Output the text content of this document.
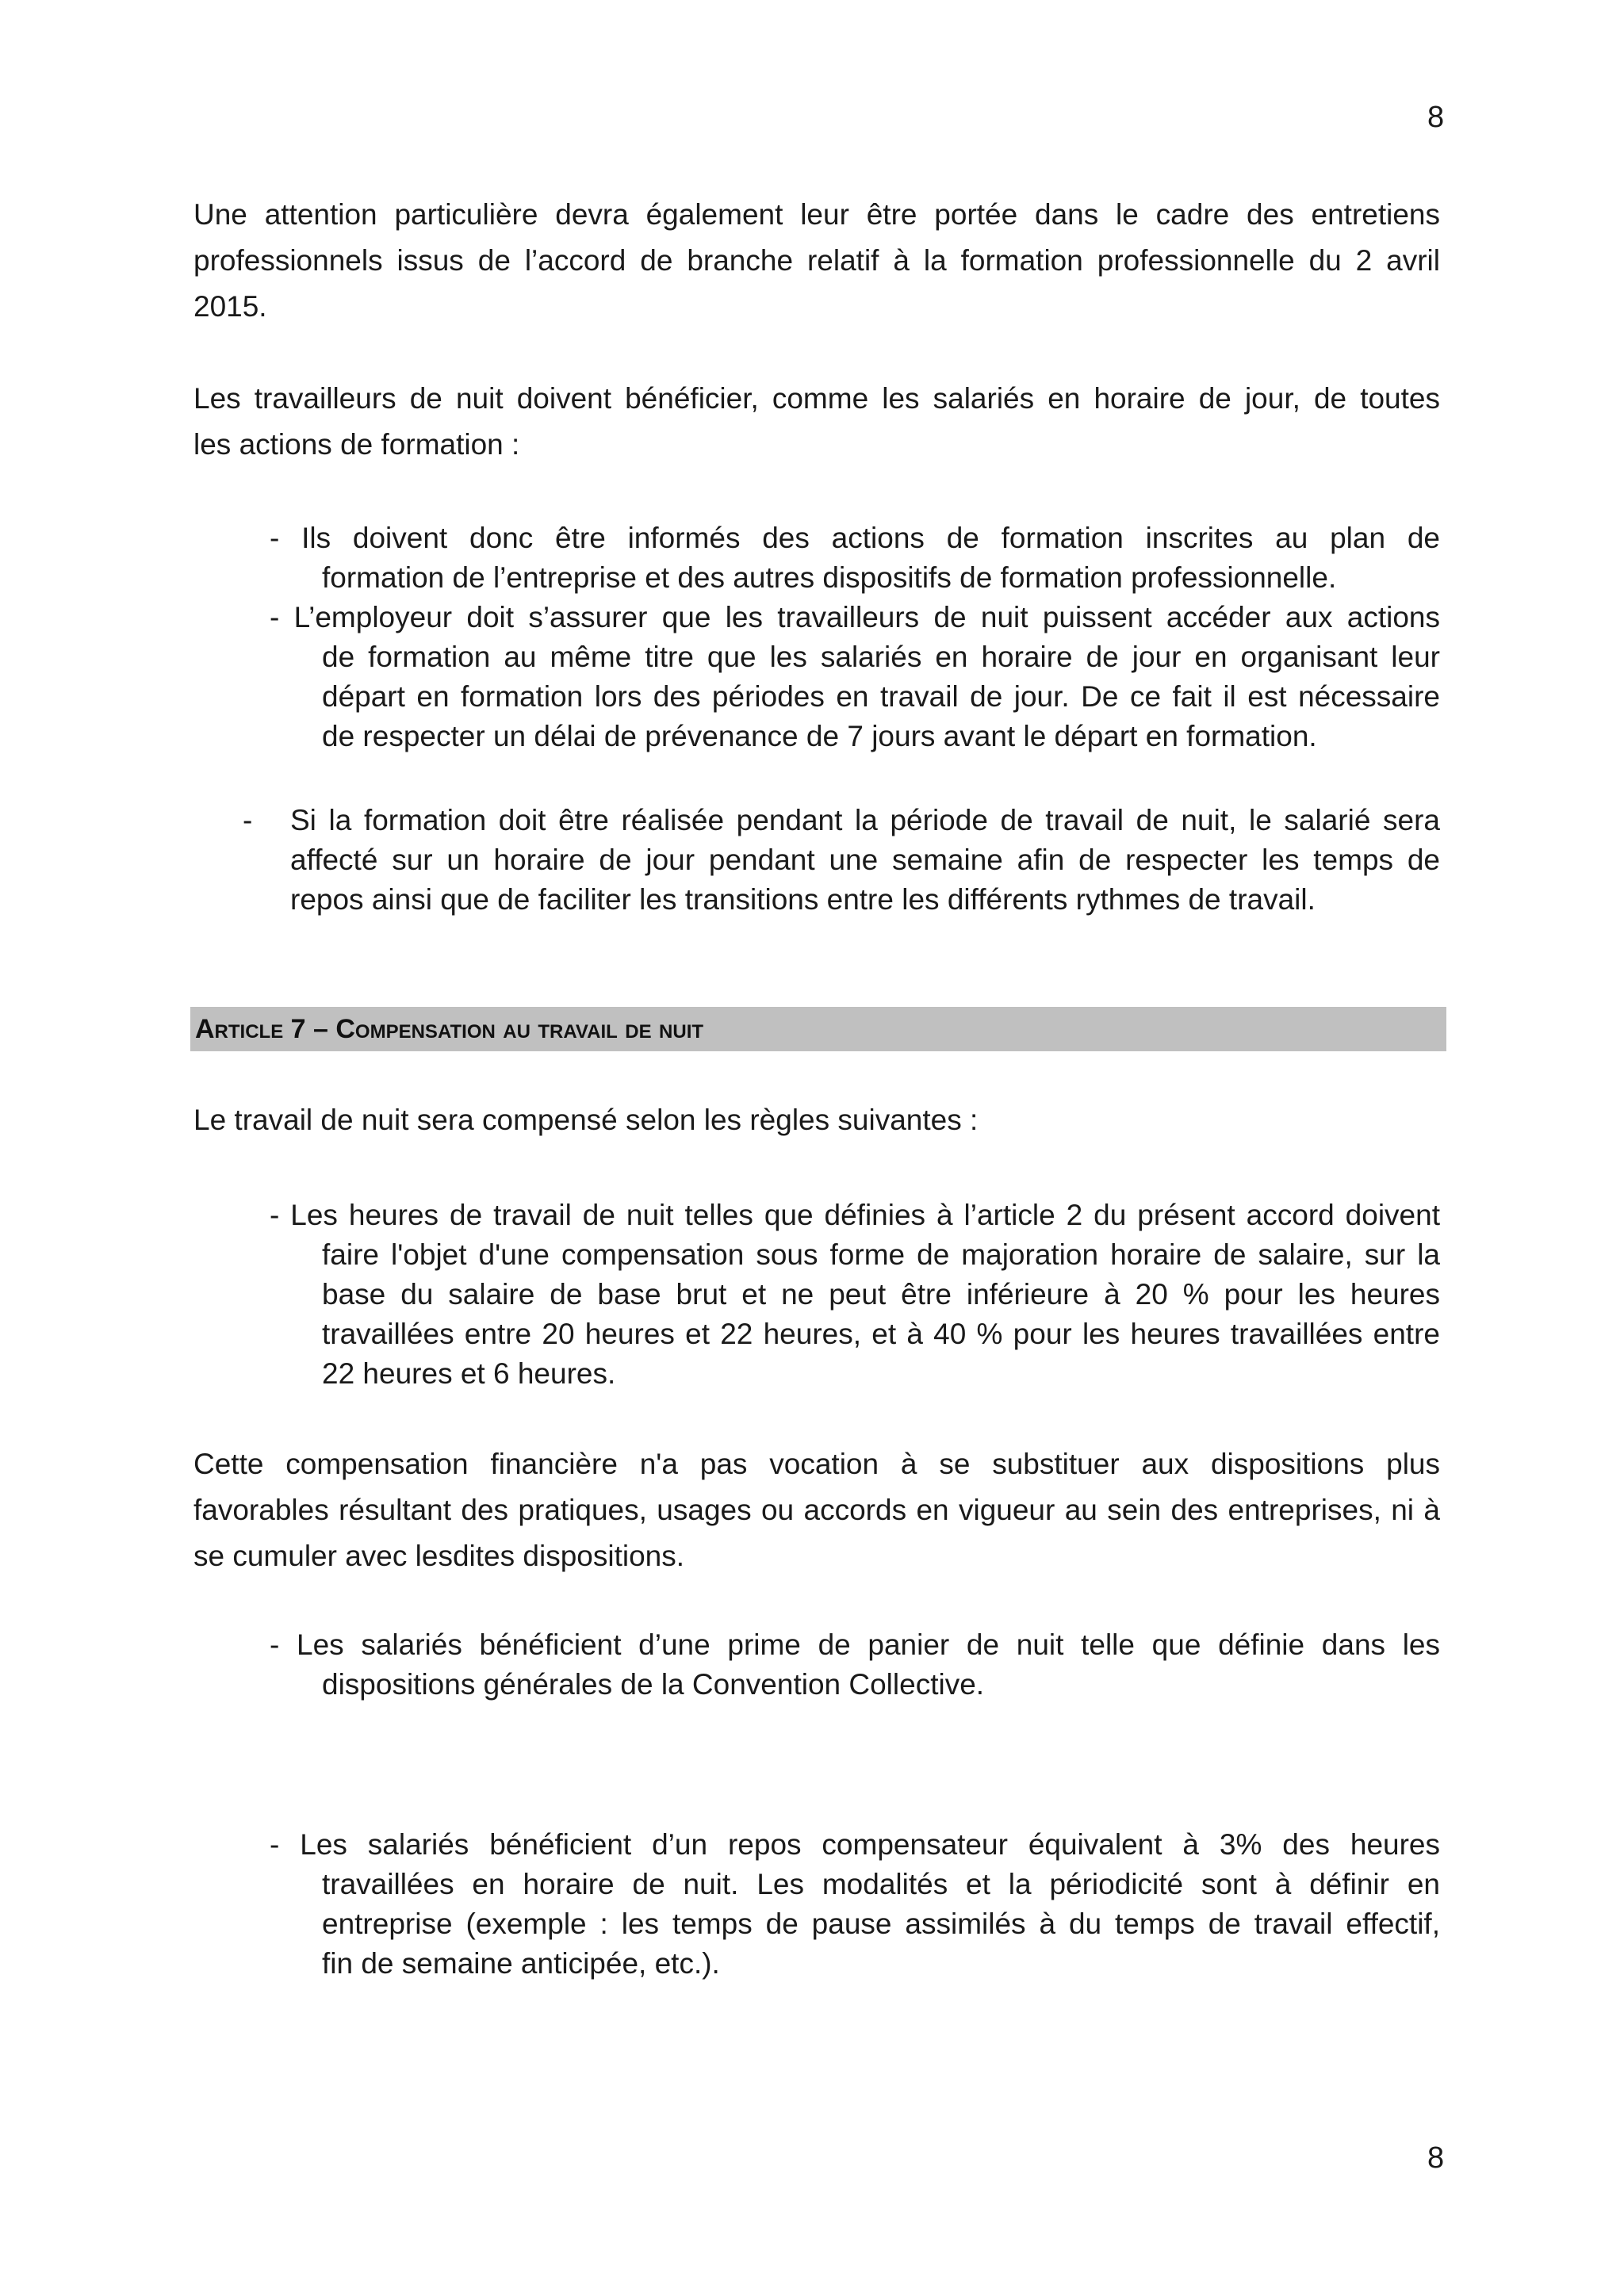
8
Une attention particulière devra également leur être portée dans le cadre des entretiens
professionnels issus de l’accord de branche relatif à la formation professionnelle du 2 avril
2015.
Les travailleurs de nuit doivent bénéficier, comme les salariés en horaire de jour, de toutes
les actions de formation :
- Ils doivent donc être informés des actions de formation inscrites au plan de
formation de l’entreprise et des autres dispositifs de formation professionnelle.
- L’employeur doit s’assurer que les travailleurs de nuit puissent accéder aux actions
de formation au même titre que les salariés en horaire de jour en organisant leur
départ en formation lors des périodes en travail de jour. De ce fait il est nécessaire
de respecter un délai de prévenance de 7 jours avant le départ en formation.
- Si la formation doit être réalisée pendant la période de travail de nuit, le salarié sera
affecté sur un horaire de jour pendant une semaine afin de respecter les temps de
repos ainsi que de faciliter les transitions entre les différents rythmes de travail.
Article 7 – Compensation au travail de nuit
Le travail de nuit sera compensé selon les règles suivantes :
- Les heures de travail de nuit telles que définies à l’article 2 du présent accord doivent
faire l'objet d'une compensation sous forme de majoration horaire de salaire, sur la
base du salaire de base brut et ne peut être inférieure à 20 % pour les heures
travaillées entre 20 heures et 22 heures, et à 40 % pour les heures travaillées entre
22 heures et 6 heures.
Cette compensation financière n'a pas vocation à se substituer aux dispositions plus
favorables résultant des pratiques, usages ou accords en vigueur au sein des entreprises, ni à
se cumuler avec lesdites dispositions.
- Les salariés bénéficient d’une prime de panier de nuit telle que définie dans les
dispositions générales de la Convention Collective.
- Les salariés bénéficient d’un repos compensateur équivalent à 3% des heures
travaillées en horaire de nuit. Les modalités et la périodicité sont à définir en
entreprise (exemple : les temps de pause assimilés à du temps de travail effectif,
fin de semaine anticipée, etc.).
8
